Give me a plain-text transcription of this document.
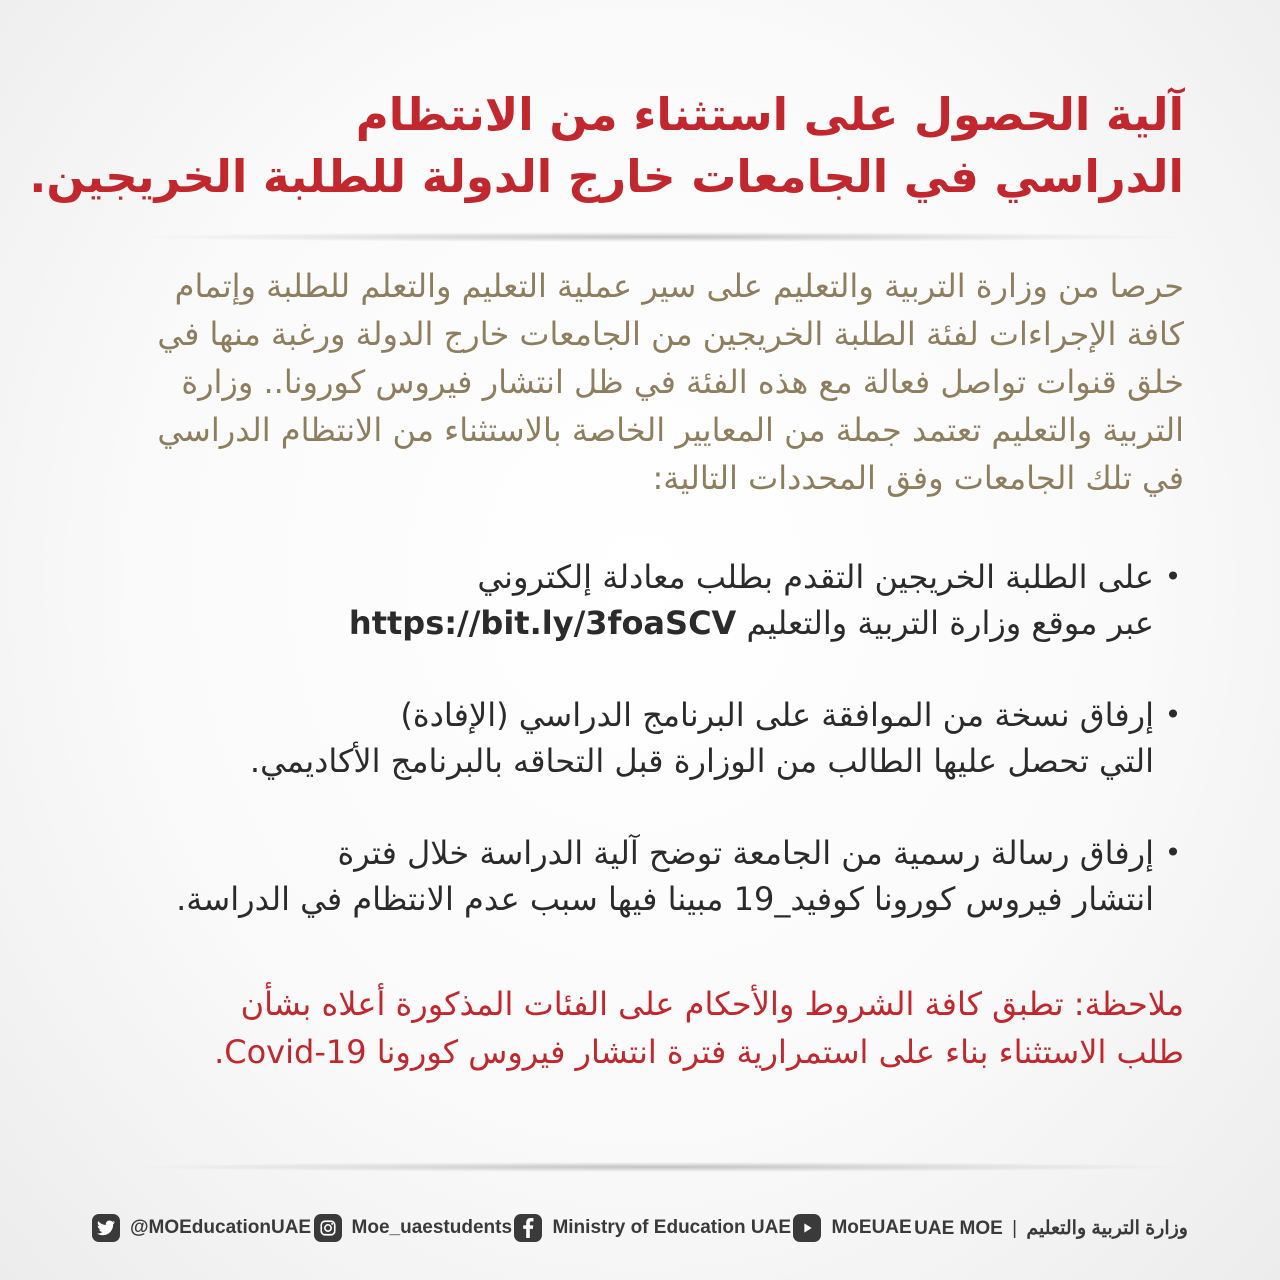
آلية الحصول على استثناء من الانتظام
الدراسي في الجامعات خارج الدولة للطلبة الخريجين.
حرصا من وزارة التربية والتعليم على سير عملية التعليم والتعلم للطلبة وإتمام
كافة الإجراءات لفئة الطلبة الخريجين من الجامعات خارج الدولة ورغبة منها في
خلق قنوات تواصل فعالة مع هذه الفئة في ظل انتشار فيروس كورونا.. وزارة
التربية والتعليم تعتمد جملة من المعايير الخاصة بالاستثناء من الانتظام الدراسي
في تلك الجامعات وفق المحددات التالية:
•
على الطلبة الخريجين التقدم بطلب معادلة إلكتروني
عبر موقع وزارة التربية والتعليم https://bit.ly/3foaSCV
•
إرفاق نسخة من الموافقة على البرنامج الدراسي (الإفادة)
التي تحصل عليها الطالب من الوزارة قبل التحاقه بالبرنامج الأكاديمي.
•
إرفاق رسالة رسمية من الجامعة توضح آلية الدراسة خلال فترة
انتشار فيروس كورونا كوفيد_19 مبينا فيها سبب عدم الانتظام في الدراسة.
ملاحظة: تطبق كافة الشروط والأحكام على الفئات المذكورة أعلاه بشأن
طلب الاستثناء بناء على استمرارية فترة انتشار فيروس كورونا Covid-19.
@MOEducationUAE Moe_uaestudents Ministry of Education UAE MoEUAE UAE MOE | وزارة التربية والتعليم
